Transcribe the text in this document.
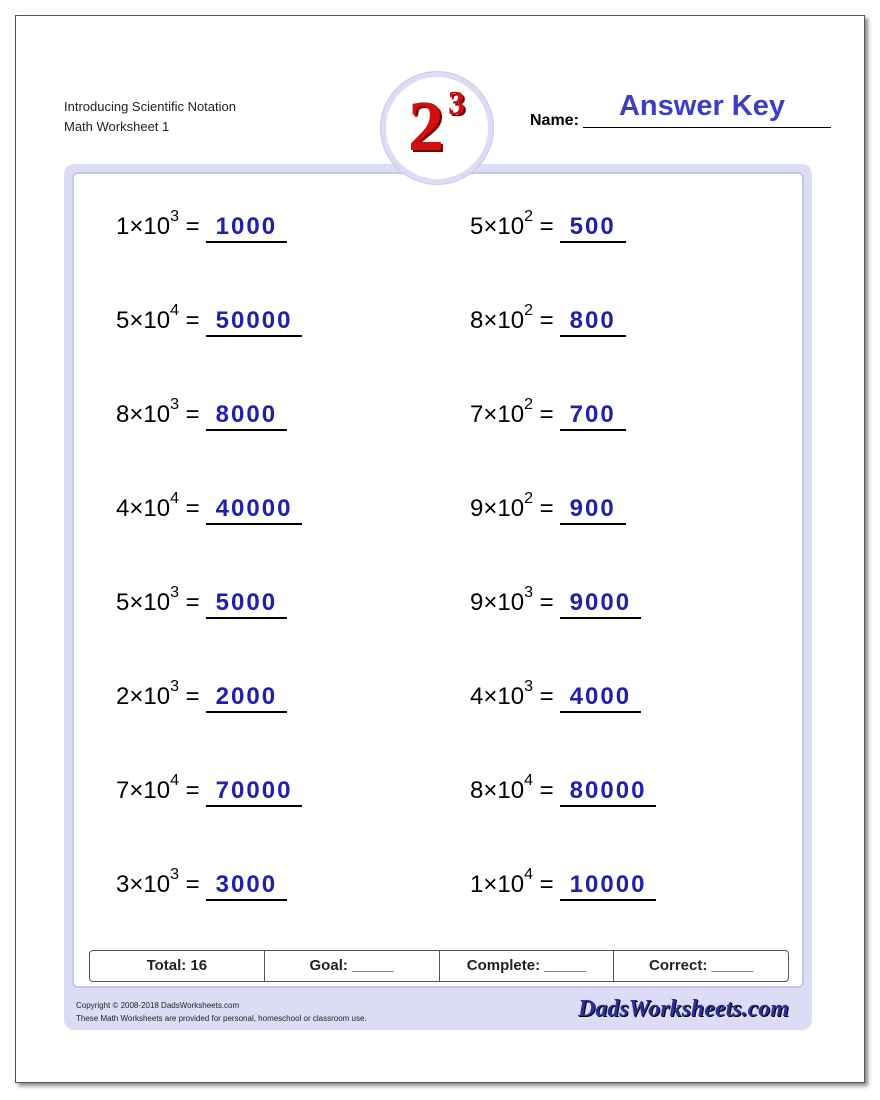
Introducing Scientific Notation
Math Worksheet 1	2 3	Name:	Answer Key
$1\times 10^3 = 1000$	$5\times 10^2 = 500$
$5\times 10^4 = 50000$	$8\times 10^2 = 800$
$8\times 10^3 = 8000$	$7\times 10^2 = 700$
$4\times 10^4 = 40000$	$9\times 10^2 = 900$
$5\times 10^3 = 5000$	$9\times 10^3 = 9000$
$2\times 10^3 = 2000$	$4\times 10^3 = 4000$
$7\times 10^4 = 70000$	$8\times 10^4 = 80000$
$3\times 10^3 = 3000$	$1\times 10^4 = 10000$
Total: 16	Goal: _____	Complete: _____	Correct: _____
Copyright © 2008-2018 DadsWorksheets.com
These Math Worksheets are provided for personal, homeschool or classroom use.	DadsWorksheets.com
